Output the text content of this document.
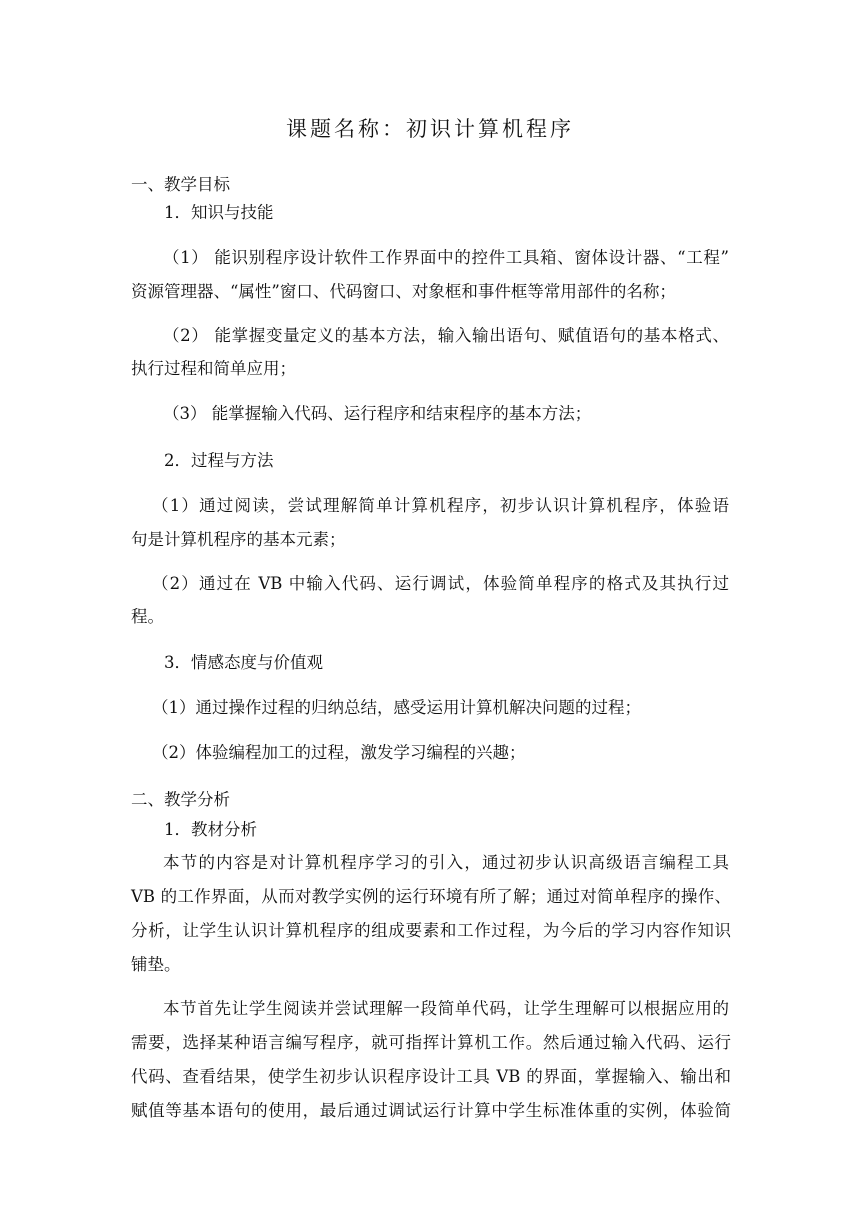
课题名称：初识计算机程序
一、教学目标
1．知识与技能
（1） 能识别程序设计软件工作界面中的控件工具箱、窗体设计器、“工程”
资源管理器、“属性”窗口、代码窗口、对象框和事件框等常用部件的名称；
（2） 能掌握变量定义的基本方法，输入输出语句、赋值语句的基本格式、
执行过程和简单应用；
（3） 能掌握输入代码、运行程序和结束程序的基本方法；
2．过程与方法
（1）通过阅读，尝试理解简单计算机程序，初步认识计算机程序，体验语
句是计算机程序的基本元素；
（2）通过在 VB 中输入代码、运行调试，体验简单程序的格式及其执行过
程。
3．情感态度与价值观
（1）通过操作过程的归纳总结，感受运用计算机解决问题的过程；
（2）体验编程加工的过程，激发学习编程的兴趣；
二、教学分析
1．教材分析
本节的内容是对计算机程序学习的引入，通过初步认识高级语言编程工具
VB 的工作界面，从而对教学实例的运行环境有所了解；通过对简单程序的操作、
分析，让学生认识计算机程序的组成要素和工作过程，为今后的学习内容作知识
铺垫。
本节首先让学生阅读并尝试理解一段简单代码，让学生理解可以根据应用的
需要，选择某种语言编写程序，就可指挥计算机工作。然后通过输入代码、运行
代码、查看结果，使学生初步认识程序设计工具 VB 的界面，掌握输入、输出和
赋值等基本语句的使用，最后通过调试运行计算中学生标准体重的实例，体验简
